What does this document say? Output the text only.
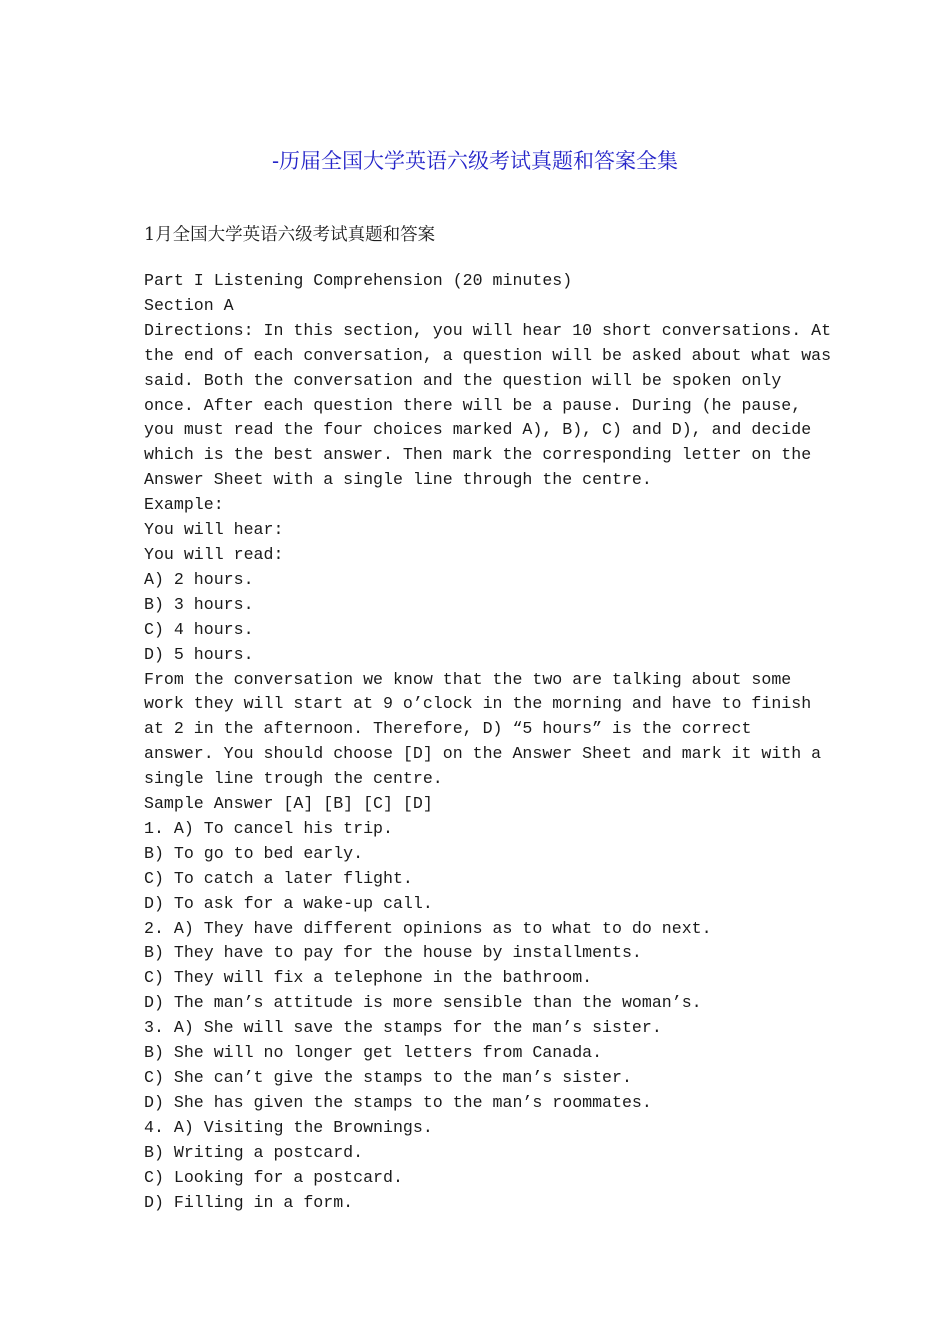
-历届全国大学英语六级考试真题和答案全集
1月全国大学英语六级考试真题和答案
Part I Listening Comprehension (20 minutes)
Section A
Directions: In this section, you will hear 10 short conversations. At
the end of each conversation, a question will be asked about what was
said. Both the conversation and the question will be spoken only
once. After each question there will be a pause. During (he pause,
you must read the four choices marked A), B), C) and D), and decide
which is the best answer. Then mark the corresponding letter on the
Answer Sheet with a single line through the centre.
Example:
You will hear:
You will read:
A) 2 hours.
B) 3 hours.
C) 4 hours.
D) 5 hours.
From the conversation we know that the two are talking about some
work they will start at 9 o’clock in the morning and have to finish
at 2 in the afternoon. Therefore, D) “5 hours” is the correct
answer. You should choose [D] on the Answer Sheet and mark it with a
single line trough the centre.
Sample Answer [A] [B] [C] [D]
1. A) To cancel his trip.
B) To go to bed early.
C) To catch a later flight.
D) To ask for a wake-up call.
2. A) They have different opinions as to what to do next.
B) They have to pay for the house by installments.
C) They will fix a telephone in the bathroom.
D) The man’s attitude is more sensible than the woman’s.
3. A) She will save the stamps for the man’s sister.
B) She will no longer get letters from Canada.
C) She can’t give the stamps to the man’s sister.
D) She has given the stamps to the man’s roommates.
4. A) Visiting the Brownings.
B) Writing a postcard.
C) Looking for a postcard.
D) Filling in a form.
